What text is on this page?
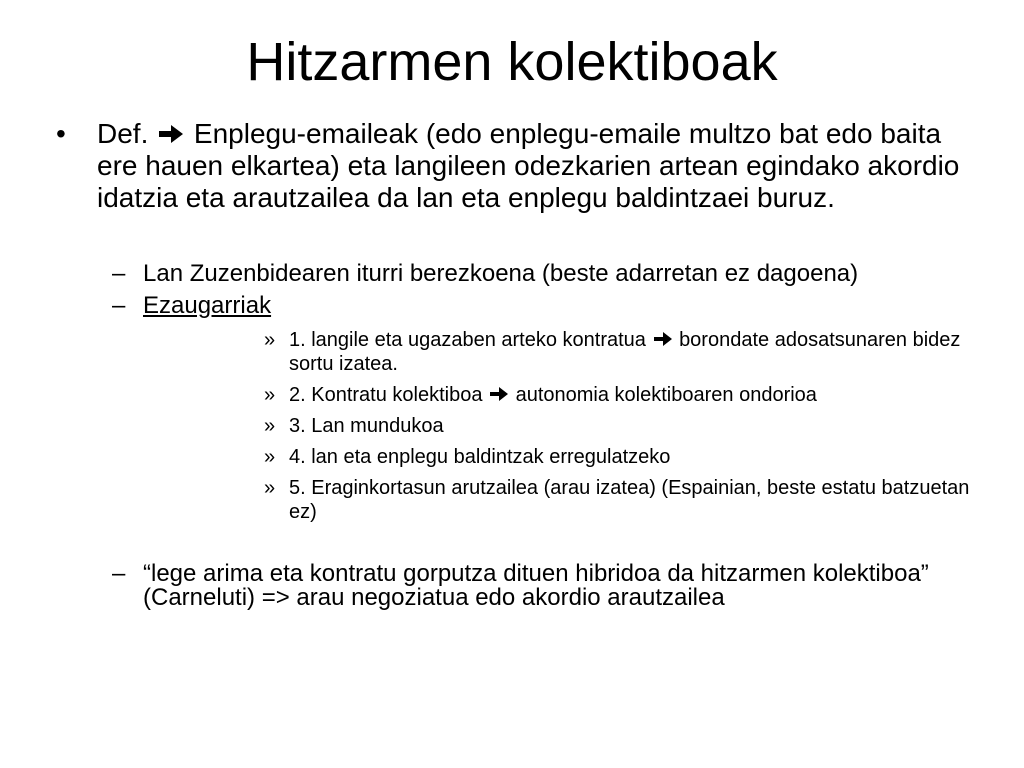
Hitzarmen kolektiboak
• Def. Enplegu-emaileak (edo enplegu-emaile multzo bat edo baita ere hauen elkartea) eta langileen odezkarien artean egindako akordio idatzia eta arautzailea da lan eta enplegu baldintzaei buruz.
– Lan Zuzenbidearen iturri berezkoena (beste adarretan ez dagoena)
– Ezaugarriak
» 1. langile eta ugazaben arteko kontratua borondate adosatsunaren bidez sortu izatea.
» 2. Kontratu kolektiboa autonomia kolektiboaren ondorioa
» 3. Lan mundukoa
» 4. lan eta enplegu baldintzak erregulatzeko
» 5. Eraginkortasun arutzailea (arau izatea) (Espainian, beste estatu batzuetan ez)
– “lege arima eta kontratu gorputza dituen hibridoa da hitzarmen kolektiboa” (Carneluti) => arau negoziatua edo akordio arautzailea
